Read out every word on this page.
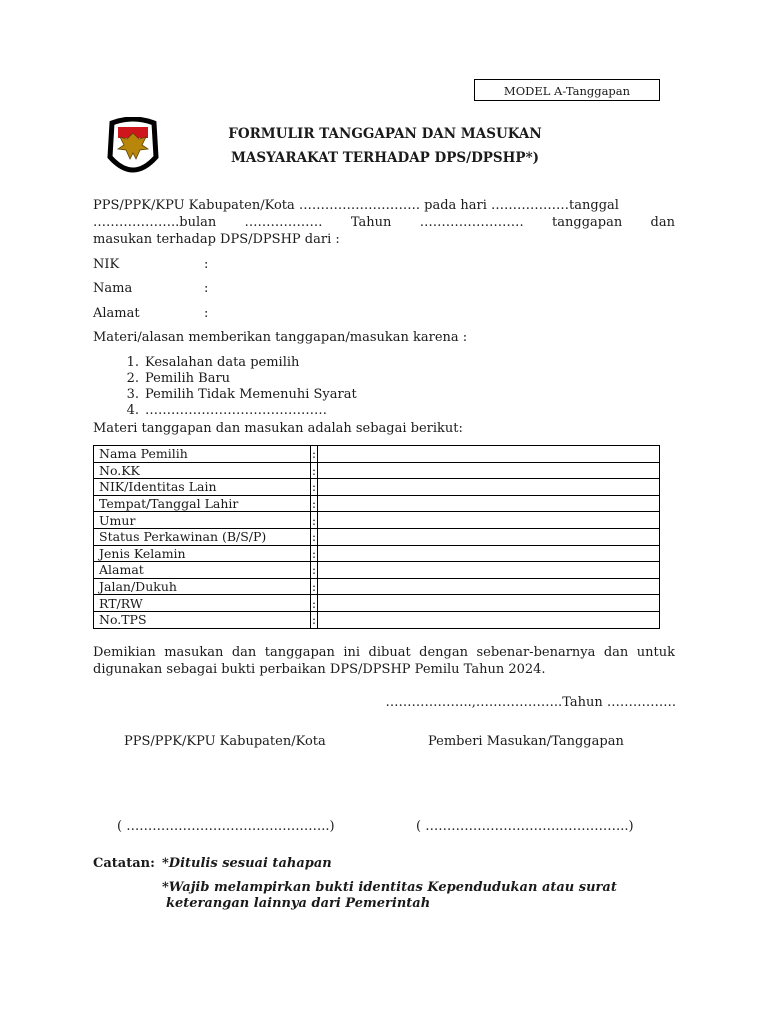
MODEL A-Tanggapan
FORMULIR TANGGAPAN DAN MASUKAN
MASYARAKAT TERHADAP DPS/DPSHP*)
PPS/PPK/KPU Kabupaten/Kota ………………………. pada hari ………………tanggal
………………..bulan ……………… Tahun …………………… tanggapan dan
masukan terhadap DPS/DPSHP dari :
NIK	:
Nama	:
Alamat	:
Materi/alasan memberikan tanggapan/masukan karena :
1. Kesalahan data pemilih
2. Pemilih Baru
3. Pemilih Tidak Memenuhi Syarat
4. ……………………………………
Materi tanggapan dan masukan adalah sebagai berikut:
Nama Pemilih	:	
No.KK	:	
NIK/Identitas Lain	:	
Tempat/Tanggal Lahir	:	
Umur	:	
Status Perkawinan (B/S/P)	:	
Jenis Kelamin	:	
Alamat	:	
Jalan/Dukuh	:	
RT/RW	:	
No.TPS	:	
Demikian masukan dan tanggapan ini dibuat dengan sebenar-benarnya dan untuk
digunakan sebagai bukti perbaikan DPS/DPSHP Pemilu Tahun 2024.
………………..,………………..Tahun …………….
PPS/PPK/KPU Kabupaten/Kota	Pemberi Masukan/Tanggapan
( ………………………………………..)	( ………………………………………..)
Catatan: *Ditulis sesuai tahapan
*Wajib melampirkan bukti identitas Kependudukan atau surat
keterangan lainnya dari Pemerintah
